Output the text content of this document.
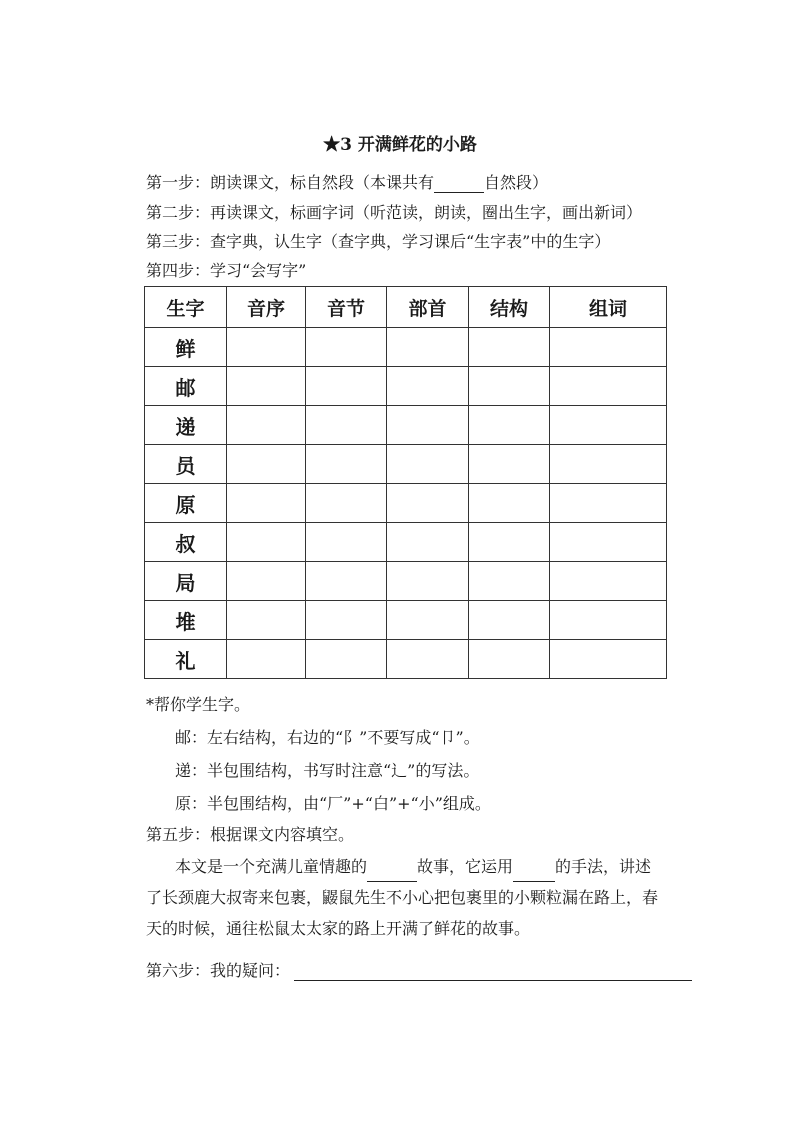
★3 开满鲜花的小路
第一步：朗读课文，标自然段（本课共有	自然段）
第二步：再读课文，标画字词（听范读，朗读，圈出生字，画出新词）
第三步：查字典，认生字（查字典，学习课后“生字表”中的生字）
第四步：学习“会写字”
生字	音序	音节	部首	结构	组词
鲜					
邮					
递					
员					
原					
叔					
局					
堆					
礼					
*帮你学生字。
邮：左右结构，右边的“阝”不要写成“卩”。
递：半包围结构，书写时注意“辶”的写法。
原：半包围结构，由“厂”+“白”+“小”组成。
第五步：根据课文内容填空。
本文是一个充满儿童情趣的	故事，它运用	的手法，讲述
了长颈鹿大叔寄来包裹，鼹鼠先生不小心把包裹里的小颗粒漏在路上，春
天的时候，通往松鼠太太家的路上开满了鲜花的故事。
第六步：我的疑问：
